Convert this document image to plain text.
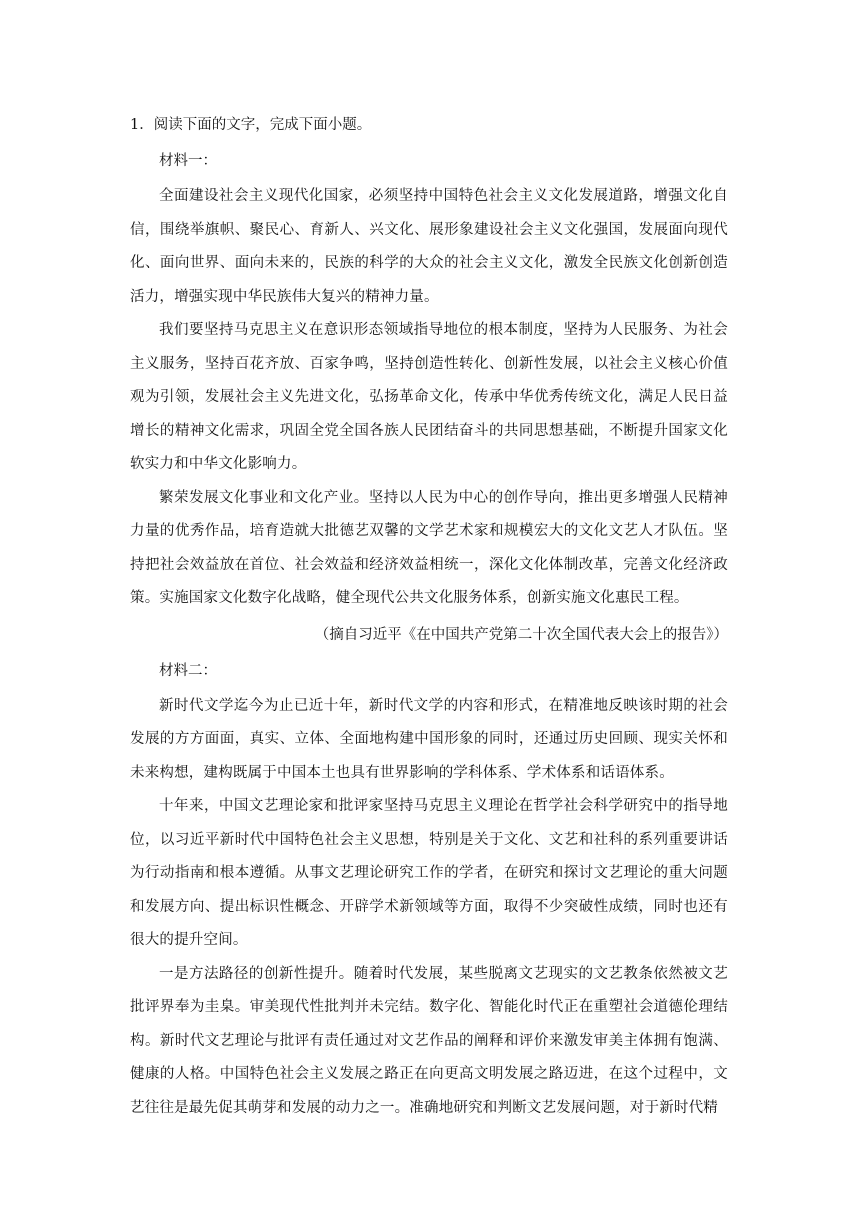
1．阅读下面的文字，完成下面小题。
材料一：

全面建设社会主义现代化国家，必须坚持中国特色社会主义文化发展道路，增强文化自信，围绕举旗帜、聚民心、育新人、兴文化、展形象建设社会主义文化强国，发展面向现代化、面向世界、面向未来的，民族的科学的大众的社会主义文化，激发全民族文化创新创造活力，增强实现中华民族伟大复兴的精神力量。

我们要坚持马克思主义在意识形态领域指导地位的根本制度，坚持为人民服务、为社会主义服务，坚持百花齐放、百家争鸣，坚持创造性转化、创新性发展，以社会主义核心价值观为引领，发展社会主义先进文化，弘扬革命文化，传承中华优秀传统文化，满足人民日益增长的精神文化需求，巩固全党全国各族人民团结奋斗的共同思想基础，不断提升国家文化软实力和中华文化影响力。

繁荣发展文化事业和文化产业。坚持以人民为中心的创作导向，推出更多增强人民精神力量的优秀作品，培育造就大批德艺双馨的文学艺术家和规模宏大的文化文艺人才队伍。坚持把社会效益放在首位、社会效益和经济效益相统一，深化文化体制改革，完善文化经济政策。实施国家文化数字化战略，健全现代公共文化服务体系，创新实施文化惠民工程。

（摘自习近平《在中国共产党第二十次全国代表大会上的报告》）
材料二：

新时代文学迄今为止已近十年，新时代文学的内容和形式，在精准地反映该时期的社会发展的方方面面，真实、立体、全面地构建中国形象的同时，还通过历史回顾、现实关怀和未来构想，建构既属于中国本土也具有世界影响的学科体系、学术体系和话语体系。

十年来，中国文艺理论家和批评家坚持马克思主义理论在哲学社会科学研究中的指导地位，以习近平新时代中国特色社会主义思想，特别是关于文化、文艺和社科的系列重要讲话为行动指南和根本遵循。从事文艺理论研究工作的学者，在研究和探讨文艺理论的重大问题和发展方向、提出标识性概念、开辟学术新领域等方面，取得不少突破性成绩，同时也还有很大的提升空间。

一是方法路径的创新性提升。随着时代发展，某些脱离文艺现实的文艺教条依然被文艺批评界奉为圭臬。审美现代性批判并未完结。数字化、智能化时代正在重塑社会道德伦理结构。新时代文艺理论与批评有责任通过对文艺作品的阐释和评价来激发审美主体拥有饱满、健康的人格。中国特色社会主义发展之路正在向更高文明发展之路迈进，在这个过程中，文艺往往是最先促其萌芽和发展的动力之一。准确地研究和判断文艺发展问题，对于新时代精
